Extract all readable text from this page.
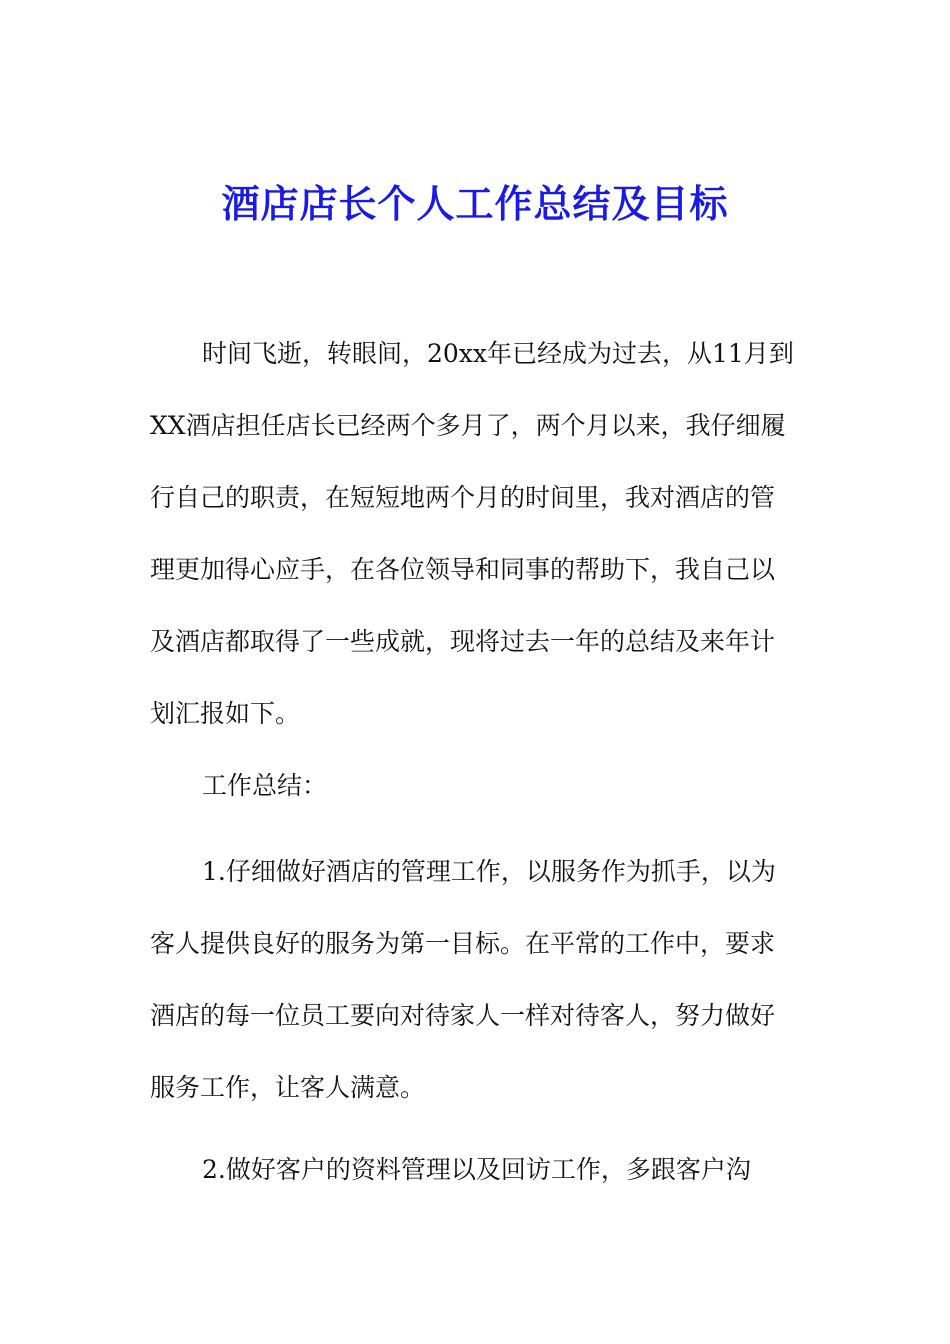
酒店店长个人工作总结及目标

时间飞逝，转眼间，20xx年已经成为过去，从11月到

XX酒店担任店长已经两个多月了，两个月以来，我仔细履

行自己的职责，在短短地两个月的时间里，我对酒店的管

理更加得心应手，在各位领导和同事的帮助下，我自己以

及酒店都取得了一些成就，现将过去一年的总结及来年计

划汇报如下。

工作总结：

1.仔细做好酒店的管理工作，以服务作为抓手，以为

客人提供良好的服务为第一目标。在平常的工作中，要求

酒店的每一位员工要向对待家人一样对待客人，努力做好

服务工作，让客人满意。

2.做好客户的资料管理以及回访工作，多跟客户沟
